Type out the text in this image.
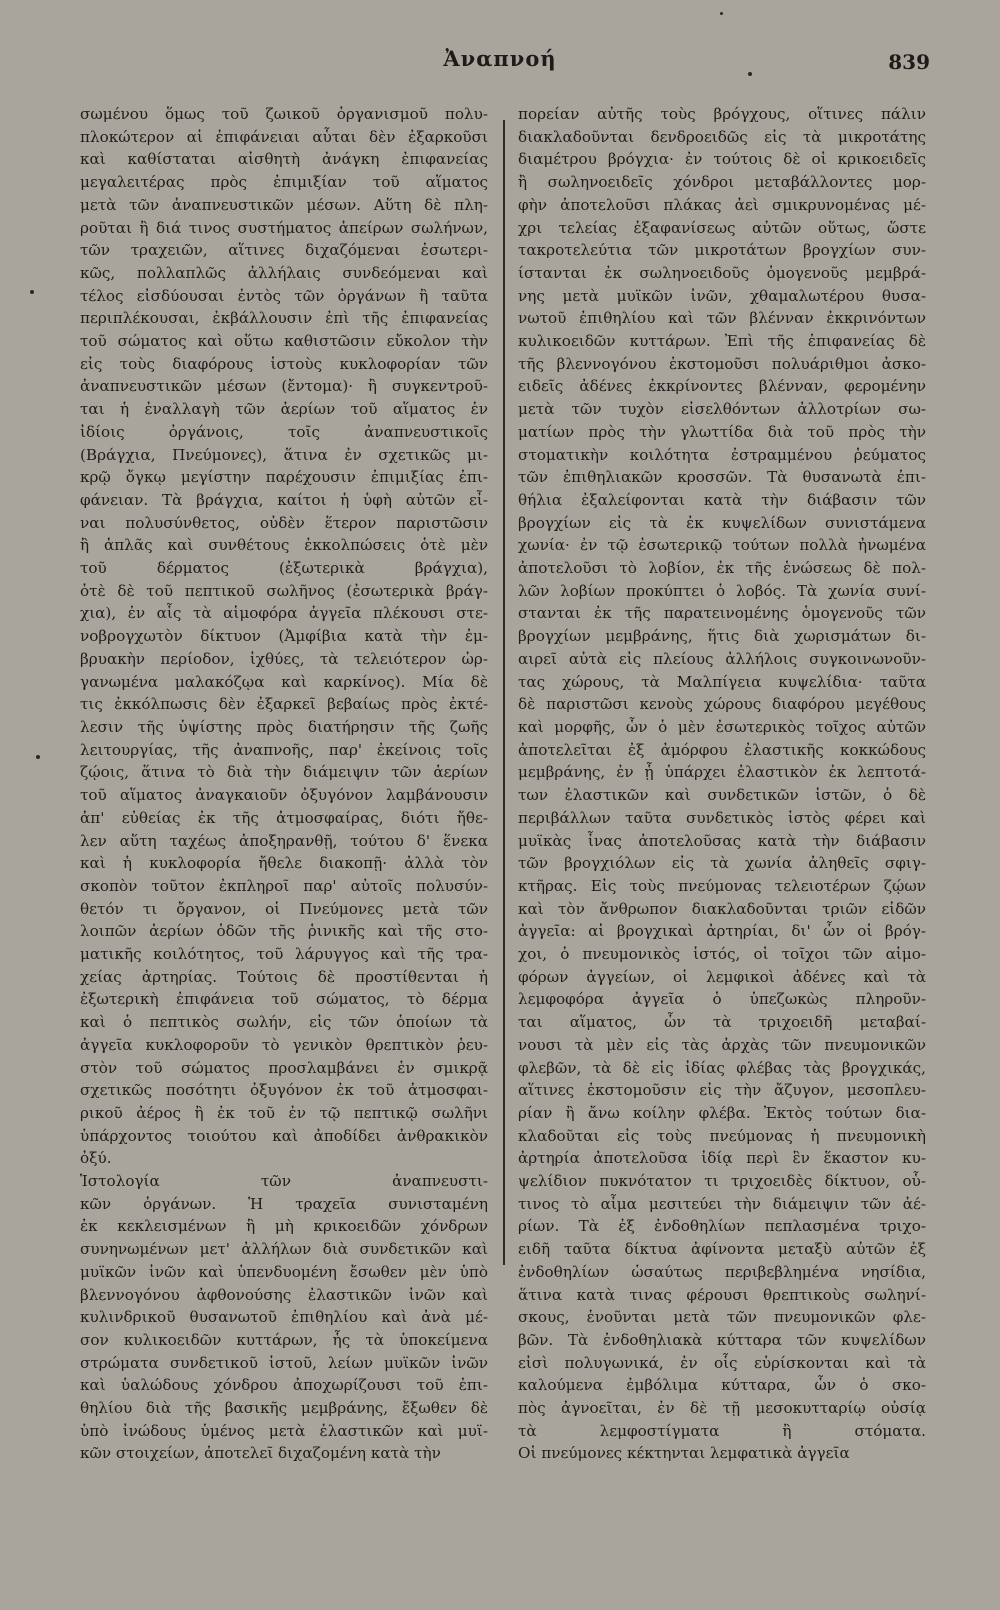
Ἀναπνοή	839
σωμένου ὅμως τοῦ ζωικοῦ ὀργανισμοῦ πολυ-
πλοκώτερον αἱ ἐπιφάνειαι αὗται δὲν ἐξαρκοῦσι
καὶ καθίσταται αἰσθητὴ ἀνάγκη ἐπιφανείας
μεγαλειτέρας πρὸς ἐπιμιξίαν τοῦ αἵματος
μετὰ τῶν ἀναπνευστικῶν μέσων. Αὕτη δὲ πλη-
ροῦται ἢ διά τινος συστήματος ἀπείρων σωλήνων,
τῶν τραχειῶν, αἵτινες διχαζόμεναι ἐσωτερι-
κῶς, πολλαπλῶς ἀλλήλαις συνδεόμεναι καὶ
τέλος εἰσδύουσαι ἐντὸς τῶν ὀργάνων ἢ ταῦτα
περιπλέκουσαι, ἐκβάλλουσιν ἐπὶ τῆς ἐπιφανείας
τοῦ σώματος καὶ οὕτω καθιστῶσιν εὔκολον τὴν
εἰς τοὺς διαφόρους ἱστοὺς κυκλοφορίαν τῶν
ἀναπνευστικῶν μέσων (ἔντομα)· ἢ συγκεντροῦ-
ται ἡ ἐναλλαγὴ τῶν ἀερίων τοῦ αἵματος ἐν
ἰδίοις ὀργάνοις, τοῖς ἀναπνευστικοῖς
(Βράγχια, Πνεύμονες), ἅτινα ἐν σχετικῶς μι-
κρῷ ὄγκῳ μεγίστην παρέχουσιν ἐπιμιξίας ἐπι-
φάνειαν. Τὰ βράγχια, καίτοι ἡ ὑφὴ αὐτῶν εἶ-
ναι πολυσύνθετος, οὐδὲν ἕτερον παριστῶσιν
ἢ ἁπλᾶς καὶ συνθέτους ἐκκολπώσεις ὁτὲ μὲν
τοῦ δέρματος (ἐξωτερικὰ βράγχια),
ὁτὲ δὲ τοῦ πεπτικοῦ σωλῆνος (ἐσωτερικὰ βράγ-
χια), ἐν αἷς τὰ αἱμοφόρα ἀγγεῖα πλέκουσι στε-
νοβρογχωτὸν δίκτυον (Ἀμφίβια κατὰ τὴν ἐμ-
βρυακὴν περίοδον, ἰχθύες, τὰ τελειότερον ὠρ-
γανωμένα μαλακόζῳα καὶ καρκίνος). Μία δὲ
τις ἐκκόλπωσις δὲν ἐξαρκεῖ βεβαίως πρὸς ἐκτέ-
λεσιν τῆς ὑψίστης πρὸς διατήρησιν τῆς ζωῆς
λειτουργίας, τῆς ἀναπνοῆς, παρ' ἐκείνοις τοῖς
ζῴοις, ἅτινα τὸ διὰ τὴν διάμειψιν τῶν ἀερίων
τοῦ αἵματος ἀναγκαιοῦν ὀξυγόνον λαμβάνουσιν
ἀπ' εὐθείας ἐκ τῆς ἀτμοσφαίρας, διότι ἤθε-
λεν αὕτη ταχέως ἀποξηρανθῇ, τούτου δ' ἕνεκα
καὶ ἡ κυκλοφορία ἤθελε διακοπῇ· ἀλλὰ τὸν
σκοπὸν τοῦτον ἐκπληροῖ παρ' αὐτοῖς πολυσύν-
θετόν τι ὄργανον, οἱ Πνεύμονες μετὰ τῶν
λοιπῶν ἀερίων ὁδῶν τῆς ῥινικῆς καὶ τῆς στο-
ματικῆς κοιλότητος, τοῦ λάρυγγος καὶ τῆς τρα-
χείας ἀρτηρίας. Τούτοις δὲ προστίθενται ἡ
ἐξωτερικὴ ἐπιφάνεια τοῦ σώματος, τὸ δέρμα
καὶ ὁ πεπτικὸς σωλήν, εἰς τῶν ὁποίων τὰ
ἀγγεῖα κυκλοφοροῦν τὸ γενικὸν θρεπτικὸν ῥευ-
στὸν τοῦ σώματος προσλαμβάνει ἐν σμικρᾷ
σχετικῶς ποσότητι ὀξυγόνον ἐκ τοῦ ἀτμοσφαι-
ρικοῦ ἀέρος ἢ ἐκ τοῦ ἐν τῷ πεπτικῷ σωλῆνι
ὑπάρχοντος τοιούτου καὶ ἀποδίδει ἀνθρακικὸν
ὀξύ.
Ἱστολογία τῶν ἀναπνευστι-
κῶν ὀργάνων. Ἡ τραχεῖα συνισταμένη
ἐκ κεκλεισμένων ἢ μὴ κρικοειδῶν χόνδρων
συνηνωμένων μετ' ἀλλήλων διὰ συνδετικῶν καὶ
μυϊκῶν ἰνῶν καὶ ὑπενδυομένη ἔσωθεν μὲν ὑπὸ
βλεννογόνου ἀφθονούσης ἐλαστικῶν ἰνῶν καὶ
κυλινδρικοῦ θυσανωτοῦ ἐπιθηλίου καὶ ἀνὰ μέ-
σον κυλικοειδῶν κυττάρων, ἧς τὰ ὑποκείμενα
στρώματα συνδετικοῦ ἱστοῦ, λείων μυϊκῶν ἰνῶν
καὶ ὑαλώδους χόνδρου ἀποχωρίζουσι τοῦ ἐπι-
θηλίου διὰ τῆς βασικῆς μεμβράνης, ἔξωθεν δὲ
ὑπὸ ἰνώδους ὑμένος μετὰ ἐλαστικῶν καὶ μυϊ-
κῶν στοιχείων, ἀποτελεῖ διχαζομένη κατὰ τὴν
πορείαν αὐτῆς τοὺς βρόγχους, οἵτινες πάλιν
διακλαδοῦνται δενδροειδῶς εἰς τὰ μικροτάτης
διαμέτρου βρόγχια· ἐν τούτοις δὲ οἱ κρικοειδεῖς
ἢ σωληνοειδεῖς χόνδροι μεταβάλλοντες μορ-
φὴν ἀποτελοῦσι πλάκας ἀεὶ σμικρυνομένας μέ-
χρι τελείας ἐξαφανίσεως αὐτῶν οὕτως, ὥστε
τακροτελεύτια τῶν μικροτάτων βρογχίων συν-
ίστανται ἐκ σωληνοειδοῦς ὁμογενοῦς μεμβρά-
νης μετὰ μυϊκῶν ἰνῶν, χθαμαλωτέρου θυσα-
νωτοῦ ἐπιθηλίου καὶ τῶν βλένναν ἐκκρινόντων
κυλικοειδῶν κυττάρων. Ἐπὶ τῆς ἐπιφανείας δὲ
τῆς βλεννογόνου ἐκστομοῦσι πολυάριθμοι ἀσκο-
ειδεῖς ἀδένες ἐκκρίνοντες βλένναν, φερομένην
μετὰ τῶν τυχὸν εἰσελθόντων ἀλλοτρίων σω-
ματίων πρὸς τὴν γλωττίδα διὰ τοῦ πρὸς τὴν
στοματικὴν κοιλότητα ἐστραμμένου ῥεύματος
τῶν ἐπιθηλιακῶν κροσσῶν. Τὰ θυσανωτὰ ἐπι-
θήλια ἐξαλείφονται κατὰ τὴν διάβασιν τῶν
βρογχίων εἰς τὰ ἐκ κυψελίδων συνιστάμενα
χωνία· ἐν τῷ ἐσωτερικῷ τούτων πολλὰ ἠνωμένα
ἀποτελοῦσι τὸ λοβίον, ἐκ τῆς ἑνώσεως δὲ πολ-
λῶν λοβίων προκύπτει ὁ λοβός. Τὰ χωνία συνί-
στανται ἐκ τῆς παρατεινομένης ὁμογενοῦς τῶν
βρογχίων μεμβράνης, ἥτις διὰ χωρισμάτων δι-
αιρεῖ αὐτὰ εἰς πλείους ἀλλήλοις συγκοινωνοῦν-
τας χώρους, τὰ Μαλπίγεια κυψελίδια· ταῦτα
δὲ παριστῶσι κενοὺς χώρους διαφόρου μεγέθους
καὶ μορφῆς, ὧν ὁ μὲν ἐσωτερικὸς τοῖχος αὐτῶν
ἀποτελεῖται ἐξ ἀμόρφου ἐλαστικῆς κοκκώδους
μεμβράνης, ἐν ᾗ ὑπάρχει ἐλαστικὸν ἐκ λεπτοτά-
των ἐλαστικῶν καὶ συνδετικῶν ἱστῶν, ὁ δὲ
περιβάλλων ταῦτα συνδετικὸς ἱστὸς φέρει καὶ
μυϊκὰς ἶνας ἀποτελοῦσας κατὰ τὴν διάβασιν
τῶν βρογχιόλων εἰς τὰ χωνία ἀληθεῖς σφιγ-
κτῆρας. Εἰς τοὺς πνεύμονας τελειοτέρων ζῴων
καὶ τὸν ἄνθρωπον διακλαδοῦνται τριῶν εἰδῶν
ἀγγεῖα: αἱ βρογχικαὶ ἀρτηρίαι, δι' ὧν οἱ βρόγ-
χοι, ὁ πνευμονικὸς ἱστός, οἱ τοῖχοι τῶν αἱμο-
φόρων ἀγγείων, οἱ λεμφικοὶ ἀδένες καὶ τὰ
λεμφοφόρα ἀγγεῖα ὁ ὑπεζωκὼς πληροῦν-
ται αἵματος, ὧν τὰ τριχοειδῆ μεταβαί-
νουσι τὰ μὲν εἰς τὰς ἀρχὰς τῶν πνευμονικῶν
φλεβῶν, τὰ δὲ εἰς ἰδίας φλέβας τὰς βρογχικάς,
αἵτινες ἐκστομοῦσιν εἰς τὴν ἄζυγον, μεσοπλευ-
ρίαν ἢ ἄνω κοίλην φλέβα. Ἐκτὸς τούτων δια-
κλαδοῦται εἰς τοὺς πνεύμονας ἡ πνευμονικὴ
ἀρτηρία ἀποτελοῦσα ἰδίᾳ περὶ ἓν ἕκαστον κυ-
ψελίδιον πυκνότατον τι τριχοειδὲς δίκτυον, οὗ-
τινος τὸ αἷμα μεσιτεύει τὴν διάμειψιν τῶν ἀέ-
ρίων. Τὰ ἐξ ἐνδοθηλίων πεπλασμένα τριχο-
ειδῆ ταῦτα δίκτυα ἀφίνοντα μεταξὺ αὐτῶν ἐξ
ἐνδοθηλίων ὡσαύτως περιβεβλημένα νησίδια,
ἅτινα κατὰ τινας φέρουσι θρεπτικοὺς σωληνί-
σκους, ἑνοῦνται μετὰ τῶν πνευμονικῶν φλε-
βῶν. Τὰ ἐνδοθηλιακὰ κύτταρα τῶν κυψελίδων
εἰσὶ πολυγωνικά, ἐν οἷς εὑρίσκονται καὶ τὰ
καλούμενα ἐμβόλιμα κύτταρα, ὧν ὁ σκο-
πὸς ἀγνοεῖται, ἐν δὲ τῇ μεσοκυτταρίῳ οὐσίᾳ
τὰ λεμφοστίγματα ἢ στόματα.
Οἱ πνεύμονες κέκτηνται λεμφατικὰ ἀγγεῖα
